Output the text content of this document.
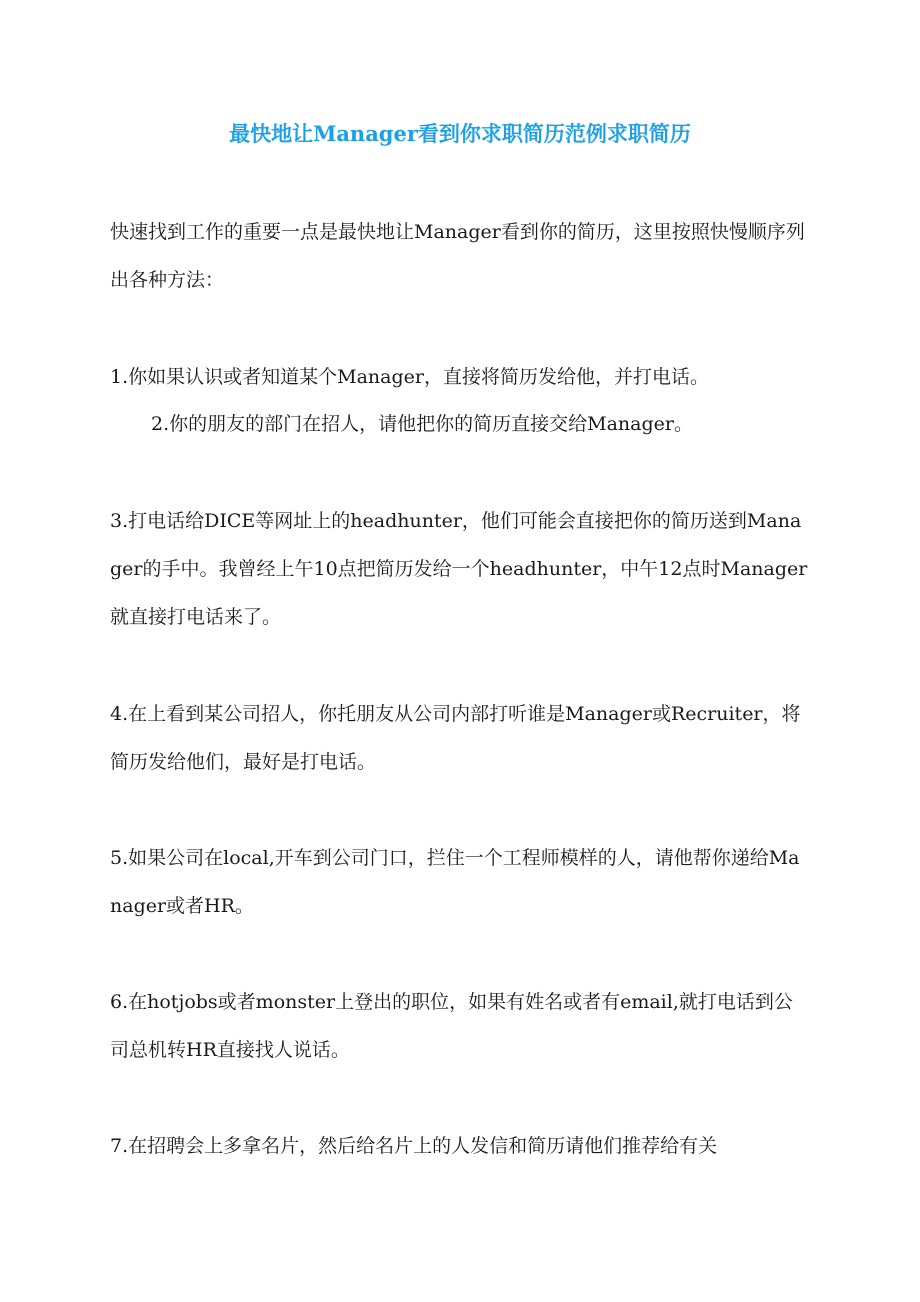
最快地让Manager看到你求职简历范例求职简历

快速找到工作的重要一点是最快地让Manager看到你的简历，这里按照快慢顺序列出各种方法：

1.你如果认识或者知道某个Manager，直接将简历发给他，并打电话。

2.你的朋友的部门在招人，请他把你的简历直接交给Manager。

3.打电话给DICE等网址上的headhunter，他们可能会直接把你的简历送到Manager的手中。我曾经上午10点把简历发给一个headhunter，中午12点时Manager就直接打电话来了。

4.在上看到某公司招人，你托朋友从公司内部打听谁是Manager或Recruiter，将简历发给他们，最好是打电话。

5.如果公司在local,开车到公司门口，拦住一个工程师模样的人，请他帮你递给Manager或者HR。

6.在hotjobs或者monster上登出的职位，如果有姓名或者有email,就打电话到公司总机转HR直接找人说话。

7.在招聘会上多拿名片，然后给名片上的人发信和简历请他们推荐给有关
